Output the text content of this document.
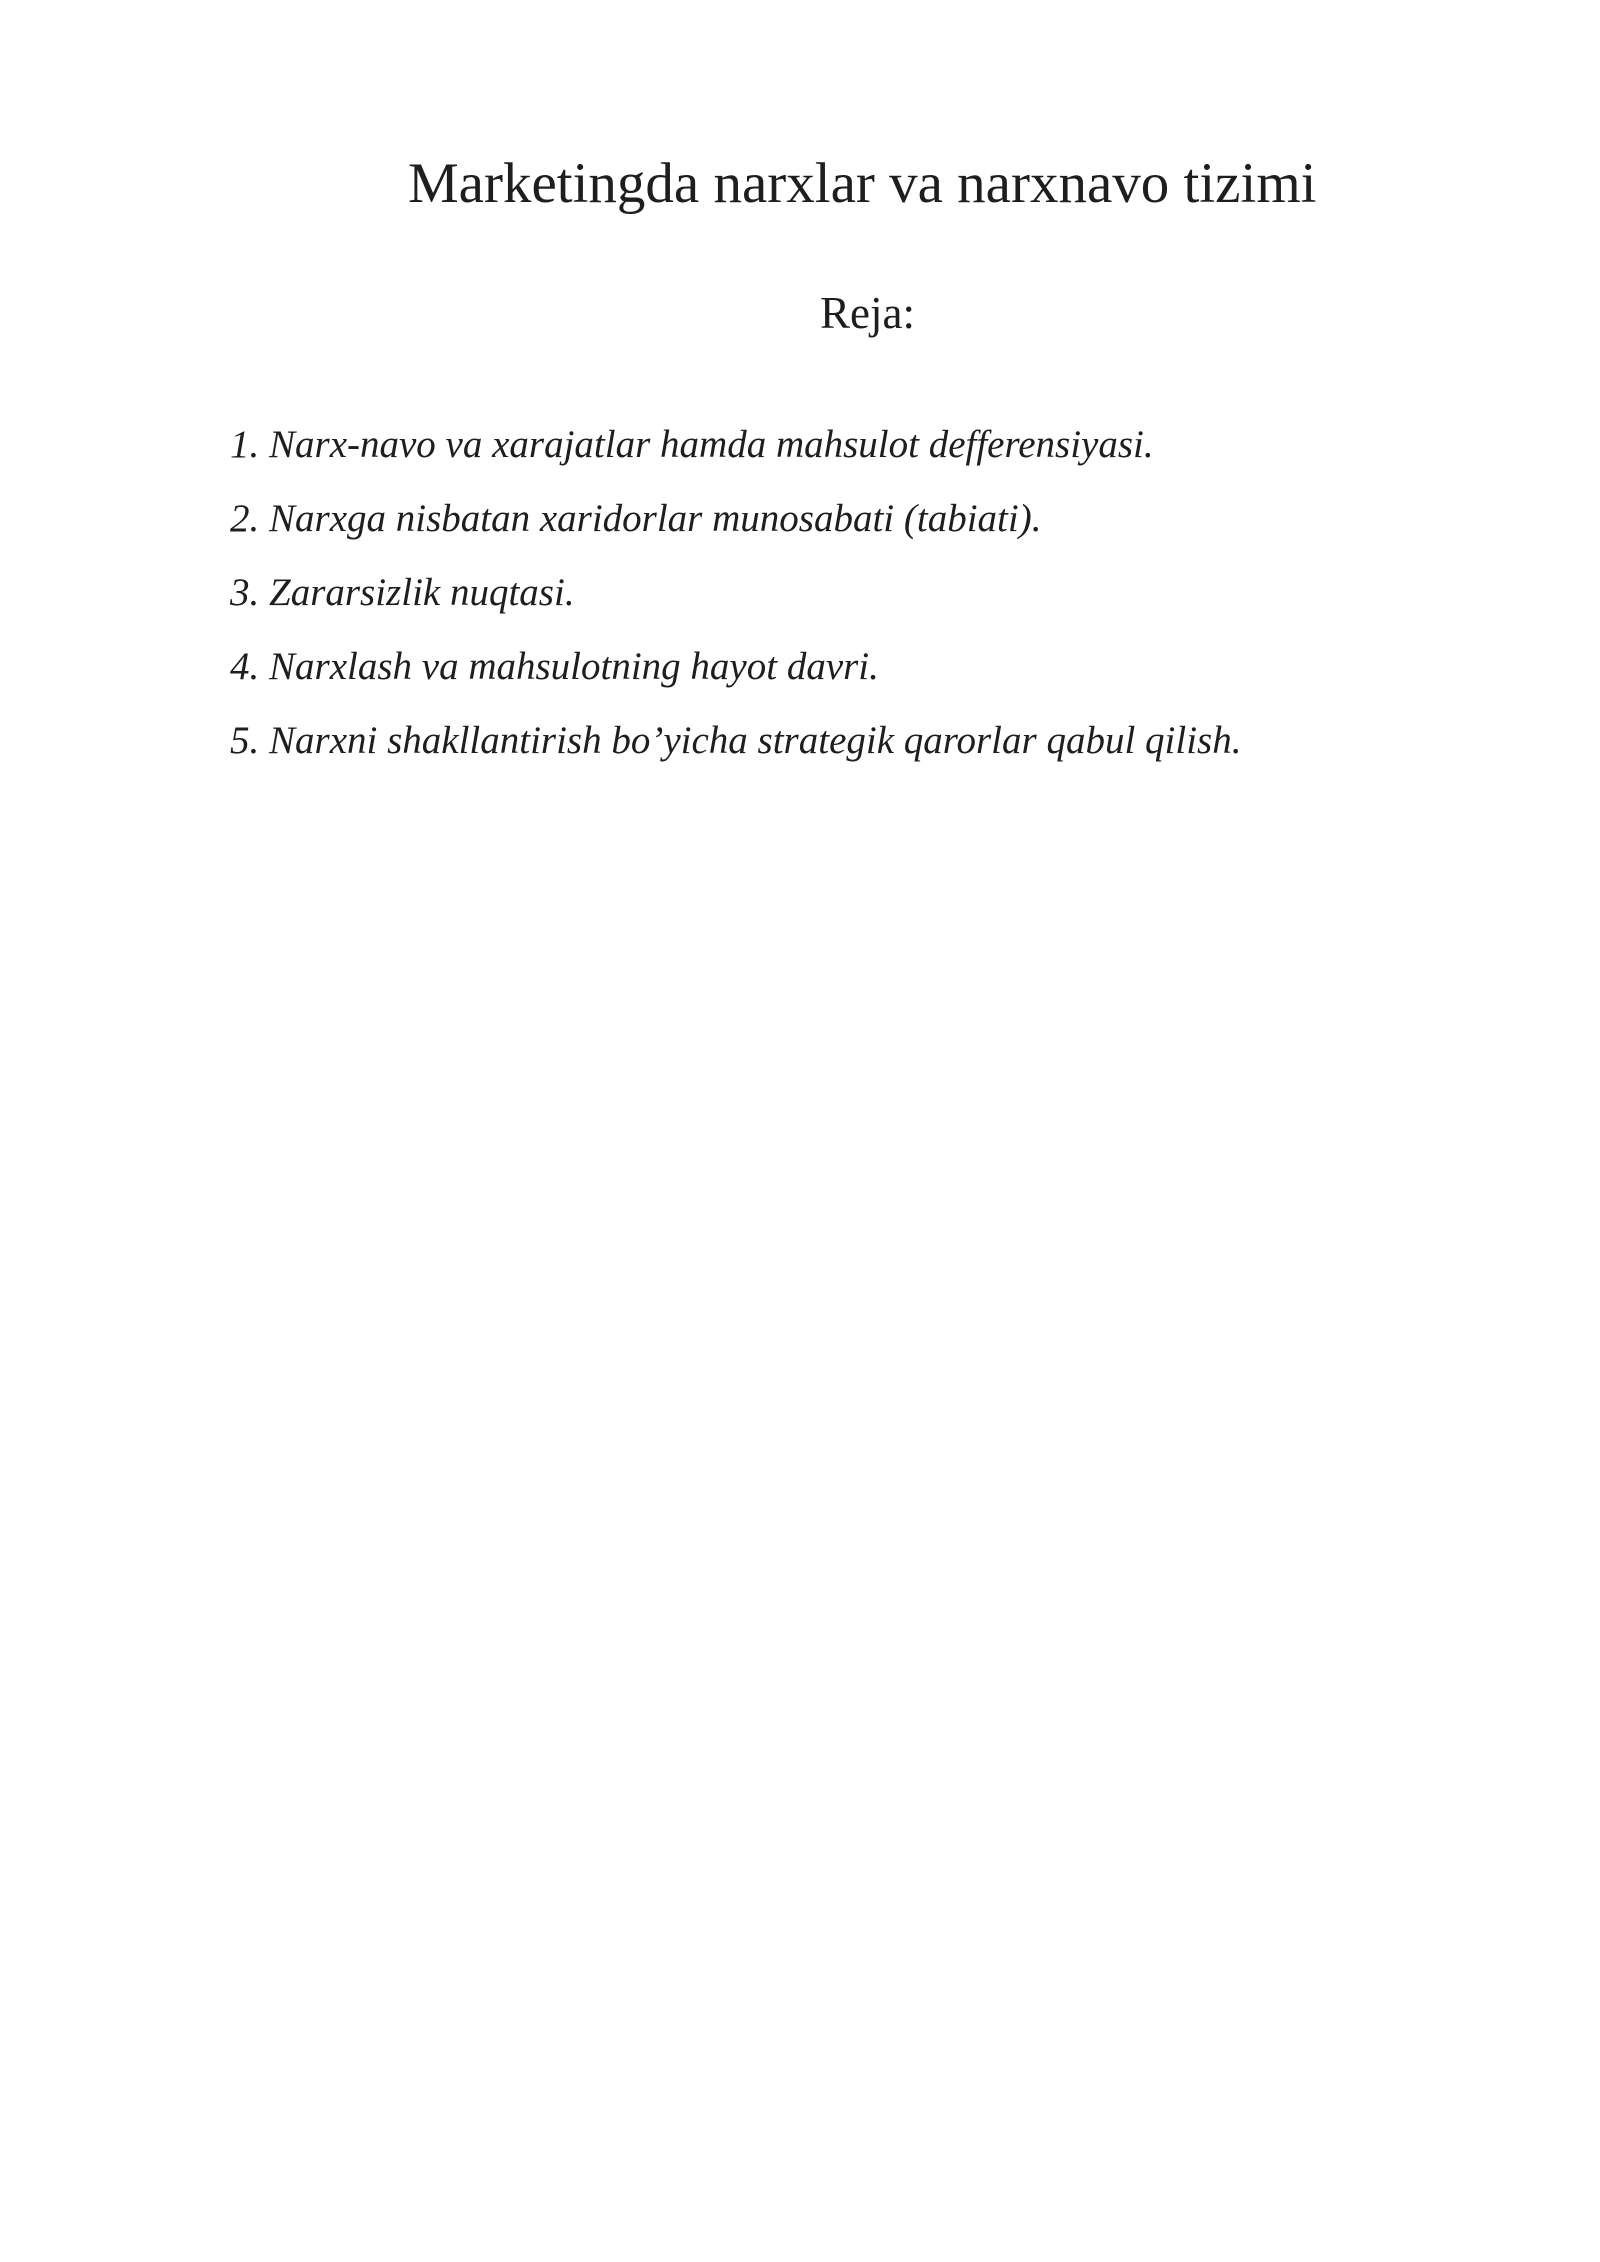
Marketingda narxlar va narxnavo tizimi
Reja:
1. Narx-navo va xarajatlar hamda mahsulot defferensiyasi.
2. Narxga nisbatan xaridorlar munosabati (tabiati).
3. Zararsizlik nuqtasi.
4. Narxlash va mahsulotning hayot davri.
5. Narxni shakllantirish bo’yicha strategik qarorlar qabul qilish.
